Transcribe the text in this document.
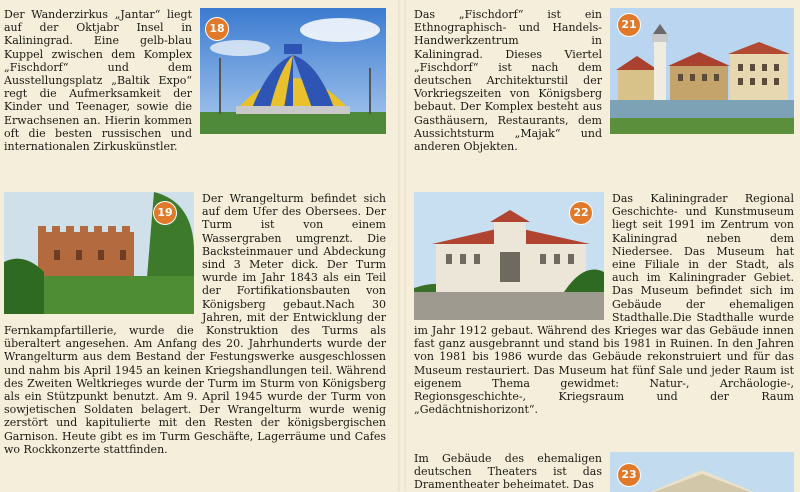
18

Der Wanderzirkus „Jantar“ liegt auf der Oktjabr Insel in Kaliningrad. Eine gelb-blau Kuppel zwischen dem Komplex „Fischdorf“ und dem Ausstellungsplatz „Baltik Expo“ regt die Aufmerksamkeit der Kinder und Teenager, sowie die Erwachsenen an. Hierin kommen oft die besten russischen und internationalen Zirkuskünstler.

21

Das „Fischdorf“ ist ein Ethnographisch- und Handels-Handwerkzentrum in Kaliningrad. Dieses Viertel „Fischdorf“ ist nach dem deutschen Architekturstil der Vorkriegszeiten von Königsberg bebaut. Der Komplex besteht aus Gasthäusern, Restaurants, dem Aussichtsturm „Majak“ und anderen Objekten.

19

Der Wrangelturm befindet sich auf dem Ufer des Obersees. Der Turm ist von einem Wassergraben umgrenzt. Die Backsteinmauer und Abdeckung sind 3 Meter dick. Der Turm wurde im Jahr 1843 als ein Teil der Fortifikationsbauten von Königsberg gebaut.Nach 30 Jahren, mit der Entwicklung der Fernkampfartillerie, wurde die Konstruktion des Turms als überaltert angesehen. Am Anfang des 20. Jahrhunderts wurde der Wrangelturm aus dem Bestand der Festungswerke ausgeschlossen und nahm bis April 1945 an keinen Kriegshandlungen teil. Während des Zweiten Weltkrieges wurde der Turm im Sturm von Königsberg als ein Stützpunkt benutzt. Am 9. April 1945 wurde der Turm von sowjetischen Soldaten belagert. Der Wrangelturm wurde wenig zerstört und kapitulierte mit den Resten der königsbergischen Garnison. Heute gibt es im Turm Geschäfte, Lagerräume und Cafes wo Rockkonzerte stattfinden.

22

Das Kaliningrader Regional Geschichte- und Kunstmuseum liegt seit 1991 im Zentrum von Kaliningrad neben dem Niedersee. Das Museum hat eine Filiale in der Stadt, als auch im Kaliningrader Gebiet. Das Museum befindet sich im Gebäude der ehemaligen Stadthalle.Die Stadthalle wurde im Jahr 1912 gebaut. Während des Krieges war das Gebäude innen fast ganz ausgebrannt und stand bis 1981 in Ruinen. In den Jahren von 1981 bis 1986 wurde das Gebäude rekonstruiert und für das Museum restauriert. Das Museum hat fünf Sale und jeder Raum ist eigenem Thema gewidmet: Natur-, Archäologie-, Regionsgeschichte-, Kriegsraum und der Raum „Gedächtnishorizont“.

23

Im Gebäude des ehemaligen deutschen Theaters ist das Dramentheater beheimatet. Das
